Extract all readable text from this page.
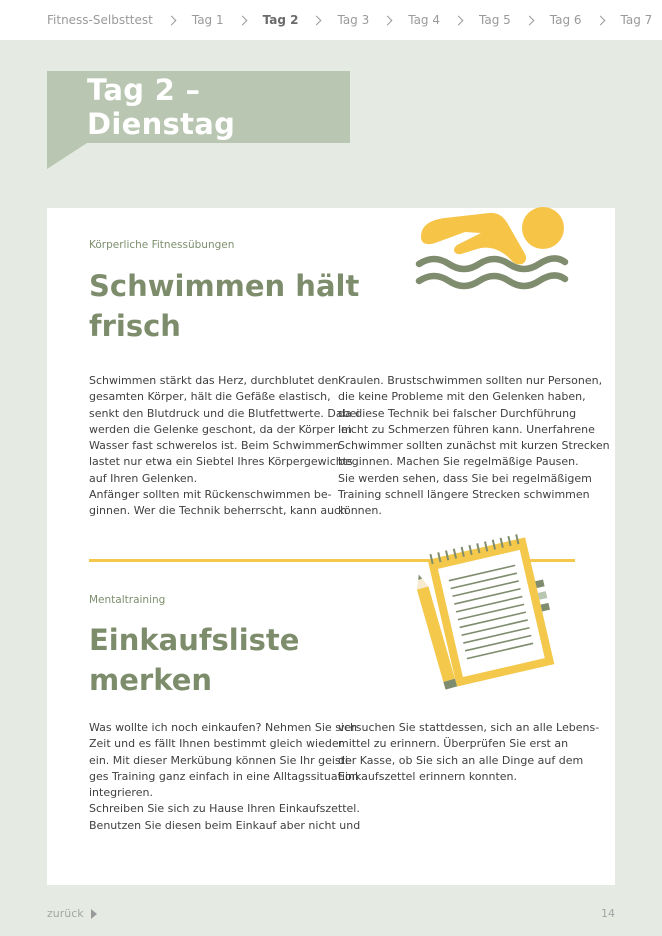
Fitness-Selbsttest	Tag 1	Tag 2	Tag 3	Tag 4	Tag 5	Tag 6	Tag 7
Tag 2 – Dienstag
Körperliche Fitnessübungen
Schwimmen hält
frisch
Schwimmen stärkt das Herz, durchblutet den
gesamten Körper, hält die Gefäße elastisch,
senkt den Blutdruck und die Blutfettwerte. Dabei
werden die Gelenke geschont, da der Körper im
Wasser fast schwerelos ist. Beim Schwimmen
lastet nur etwa ein Siebtel Ihres Körpergewichts
auf Ihren Gelenken.
Anfänger sollten mit Rückenschwimmen be-
ginnen. Wer die Technik beherrscht, kann auch
Kraulen. Brustschwimmen sollten nur Personen,
die keine Probleme mit den Gelenken haben,
da diese Technik bei falscher Durchführung
leicht zu Schmerzen führen kann. Unerfahrene
Schwimmer sollten zunächst mit kurzen Strecken
beginnen. Machen Sie regelmäßige Pausen.
Sie werden sehen, dass Sie bei regelmäßigem
Training schnell längere Strecken schwimmen
können.
Mentaltraining
Einkaufsliste
merken
Was wollte ich noch einkaufen? Nehmen Sie sich
Zeit und es fällt Ihnen bestimmt gleich wieder
ein. Mit dieser Merkübung können Sie Ihr geisti-
ges Training ganz einfach in eine Alltagssituation
integrieren.
Schreiben Sie sich zu Hause Ihren Einkaufszettel.
Benutzen Sie diesen beim Einkauf aber nicht und
versuchen Sie stattdessen, sich an alle Lebens-
mittel zu erinnern. Überprüfen Sie erst an
der Kasse, ob Sie sich an alle Dinge auf dem
Einkaufszettel erinnern konnten.
zurück	14
